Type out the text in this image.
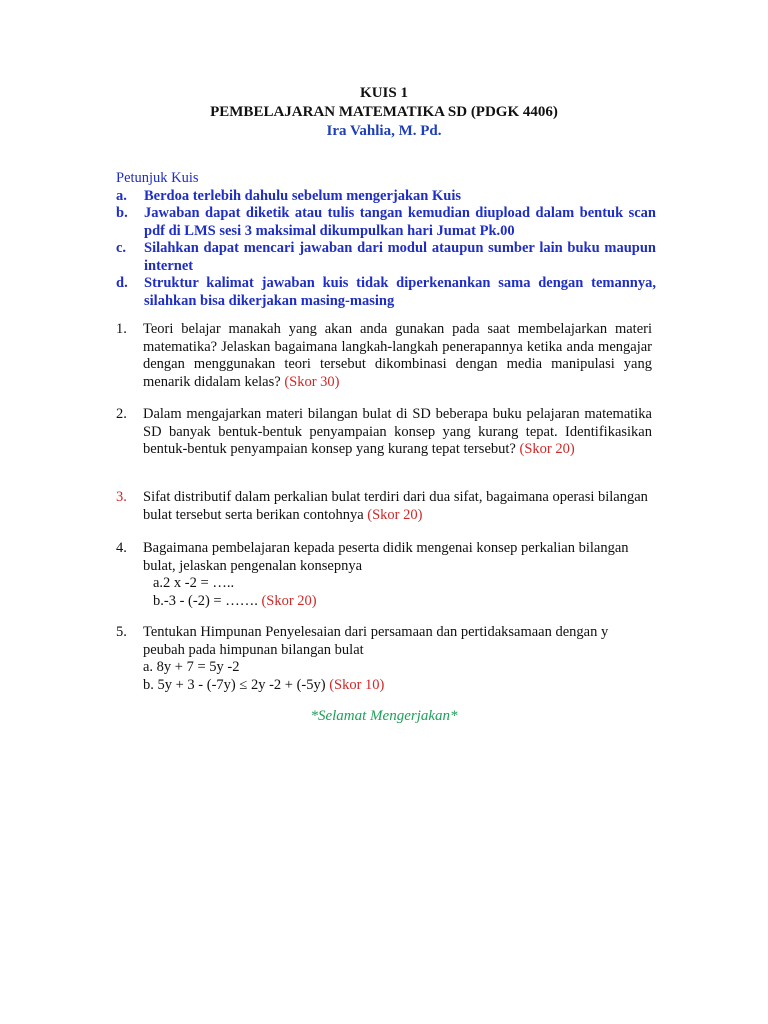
KUIS 1
PEMBELAJARAN MATEMATIKA SD (PDGK 4406)
Ira Vahlia, M. Pd.
Petunjuk Kuis
a.	Berdoa terlebih dahulu sebelum mengerjakan Kuis
b.	Jawaban dapat diketik atau tulis tangan kemudian diupload dalam bentuk scan pdf di LMS sesi 3 maksimal dikumpulkan hari Jumat Pk.00
c.	Silahkan dapat mencari jawaban dari modul ataupun sumber lain buku maupun internet
d.	Struktur kalimat jawaban kuis tidak diperkenankan sama dengan temannya, silahkan bisa dikerjakan masing-masing
1.	Teori belajar manakah yang akan anda gunakan pada saat membelajarkan materi matematika? Jelaskan bagaimana langkah-langkah penerapannya ketika anda mengajar dengan menggunakan teori tersebut dikombinasi dengan media manipulasi yang menarik didalam kelas? (Skor 30)
2.	Dalam mengajarkan materi bilangan bulat di SD beberapa buku pelajaran matematika SD banyak bentuk-bentuk penyampaian konsep yang kurang tepat. Identifikasikan bentuk-bentuk penyampaian konsep yang kurang tepat tersebut? (Skor 20)
3.	Sifat distributif dalam perkalian bulat terdiri dari dua sifat, bagaimana operasi bilangan bulat tersebut serta berikan contohnya (Skor 20)
4.	Bagaimana pembelajaran kepada peserta didik mengenai konsep perkalian bilangan bulat, jelaskan pengenalan konsepnya
a.2 x -2 = …..
b.-3 - (-2) = ……. (Skor 20)
5.	Tentukan Himpunan Penyelesaian dari persamaan dan pertidaksamaan dengan y peubah pada himpunan bilangan bulat
a. 8y + 7 = 5y -2
b. 5y + 3 - (-7y) ≤ 2y -2 + (-5y) (Skor 10)
*Selamat Mengerjakan*
